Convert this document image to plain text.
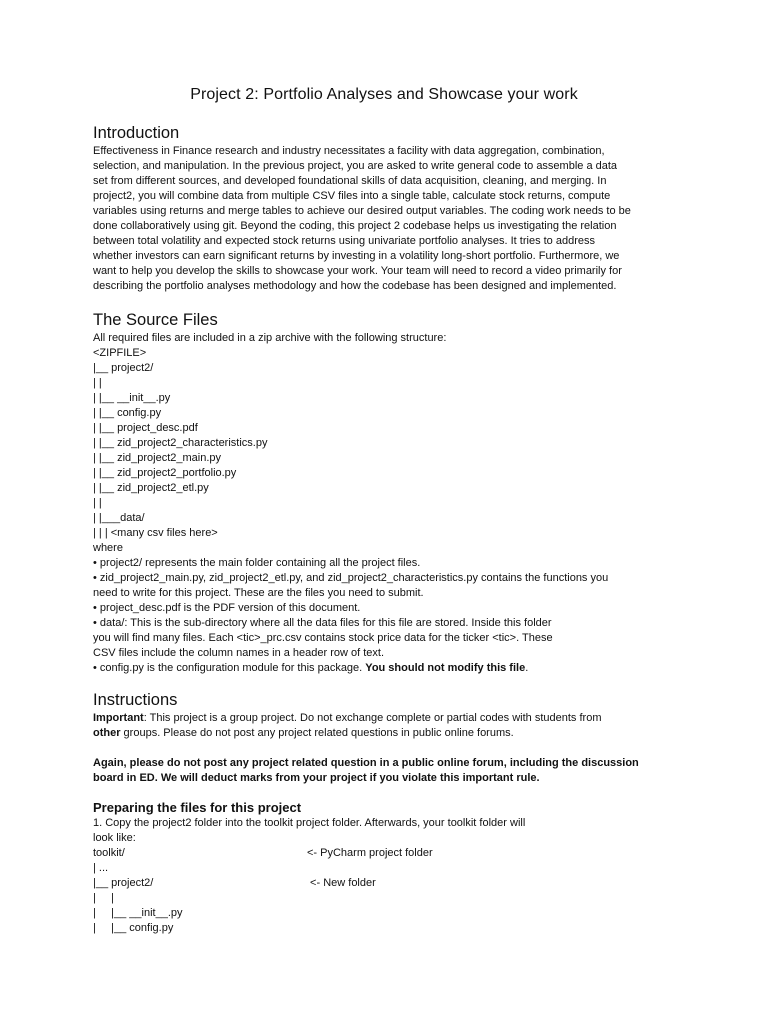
Project 2: Portfolio Analyses and Showcase your work
Introduction
Effectiveness in Finance research and industry necessitates a facility with data aggregation, combination,
selection, and manipulation. In the previous project, you are asked to write general code to assemble a data
set from different sources, and developed foundational skills of data acquisition, cleaning, and merging. In
project2, you will combine data from multiple CSV files into a single table, calculate stock returns, compute
variables using returns and merge tables to achieve our desired output variables. The coding work needs to be
done collaboratively using git. Beyond the coding, this project 2 codebase helps us investigating the relation
between total volatility and expected stock returns using univariate portfolio analyses. It tries to address
whether investors can earn significant returns by investing in a volatility long-short portfolio. Furthermore, we
want to help you develop the skills to showcase your work. Your team will need to record a video primarily for
describing the portfolio analyses methodology and how the codebase has been designed and implemented.
The Source Files
All required files are included in a zip archive with the following structure:
<ZIPFILE>
|__ project2/
| |
| |__ __init__.py
| |__ config.py
| |__ project_desc.pdf
| |__ zid_project2_characteristics.py
| |__ zid_project2_main.py
| |__ zid_project2_portfolio.py
| |__ zid_project2_etl.py
| |
| |___data/
| | | <many csv files here>
where
• project2/ represents the main folder containing all the project files.
• zid_project2_main.py, zid_project2_etl.py, and zid_project2_characteristics.py contains the functions you
need to write for this project. These are the files you need to submit.
• project_desc.pdf is the PDF version of this document.
• data/: This is the sub-directory where all the data files for this file are stored. Inside this folder
you will find many files. Each <tic>_prc.csv contains stock price data for the ticker <tic>. These
CSV files include the column names in a header row of text.
• config.py is the configuration module for this package. You should not modify this file.
Instructions
Important: This project is a group project. Do not exchange complete or partial codes with students from
other groups. Please do not post any project related questions in public online forums.
Again, please do not post any project related question in a public online forum, including the discussion
board in ED. We will deduct marks from your project if you violate this important rule.
Preparing the files for this project
1. Copy the project2 folder into the toolkit project folder. Afterwards, your toolkit folder will
look like:
toolkit/	<- PyCharm project folder
| ...
|__ project2/	<- New folder
|     |
|     |__ __init__.py
|     |__ config.py
